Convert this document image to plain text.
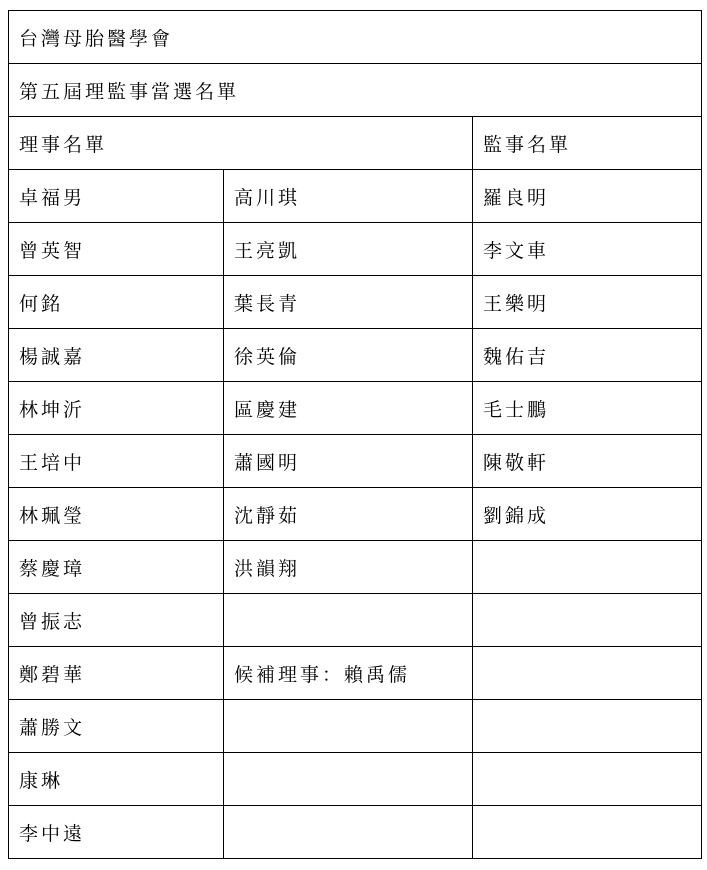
台灣母胎醫學會		
第五屆理監事當選名單		
理事名單		監事名單
卓福男	高川琪	羅良明
曾英智	王亮凱	李文車
何銘	葉長青	王樂明
楊誠嘉	徐英倫	魏佑吉
林坤沂	區慶建	毛士鵬
王培中	蕭國明	陳敬軒
林珮瑩	沈靜茹	劉錦成
蔡慶璋	洪韻翔	
曾振志		
鄭碧華	候補理事：賴禹儒	
蕭勝文		
康琳		
李中遠		
